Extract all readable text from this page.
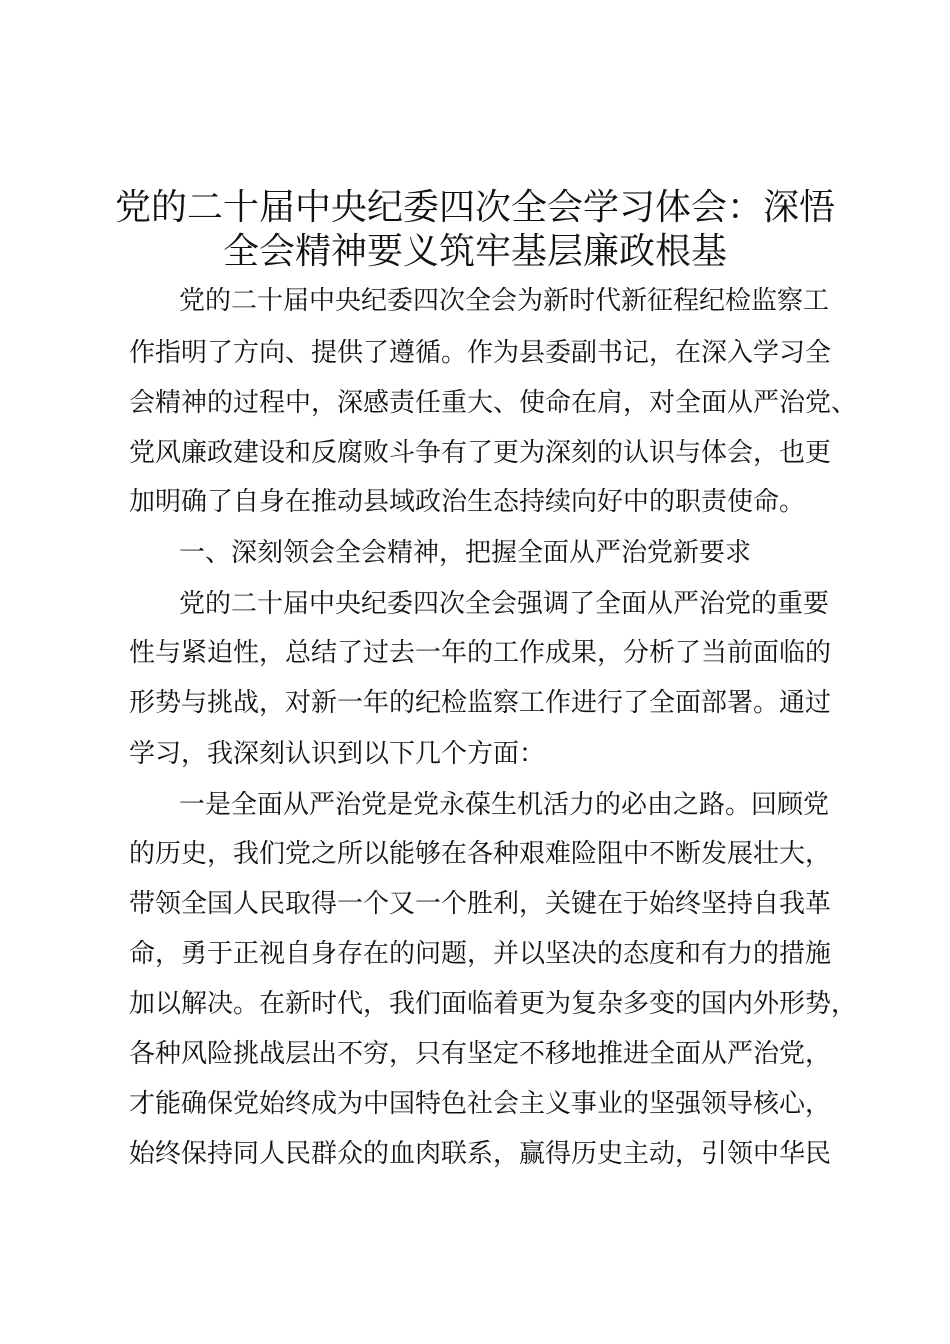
党的二十届中央纪委四次全会学习体会：深悟
全会精神要义筑牢基层廉政根基
党的二十届中央纪委四次全会为新时代新征程纪检监察工
作指明了方向、提供了遵循。作为县委副书记，在深入学习全
会精神的过程中，深感责任重大、使命在肩，对全面从严治党、
党风廉政建设和反腐败斗争有了更为深刻的认识与体会，也更
加明确了自身在推动县域政治生态持续向好中的职责使命。
一、深刻领会全会精神，把握全面从严治党新要求
党的二十届中央纪委四次全会强调了全面从严治党的重要
性与紧迫性，总结了过去一年的工作成果，分析了当前面临的
形势与挑战，对新一年的纪检监察工作进行了全面部署。通过
学习，我深刻认识到以下几个方面：
一是全面从严治党是党永葆生机活力的必由之路。回顾党
的历史，我们党之所以能够在各种艰难险阻中不断发展壮大，
带领全国人民取得一个又一个胜利，关键在于始终坚持自我革
命，勇于正视自身存在的问题，并以坚决的态度和有力的措施
加以解决。在新时代，我们面临着更为复杂多变的国内外形势，
各种风险挑战层出不穷，只有坚定不移地推进全面从严治党，
才能确保党始终成为中国特色社会主义事业的坚强领导核心，
始终保持同人民群众的血肉联系，赢得历史主动，引领中华民
